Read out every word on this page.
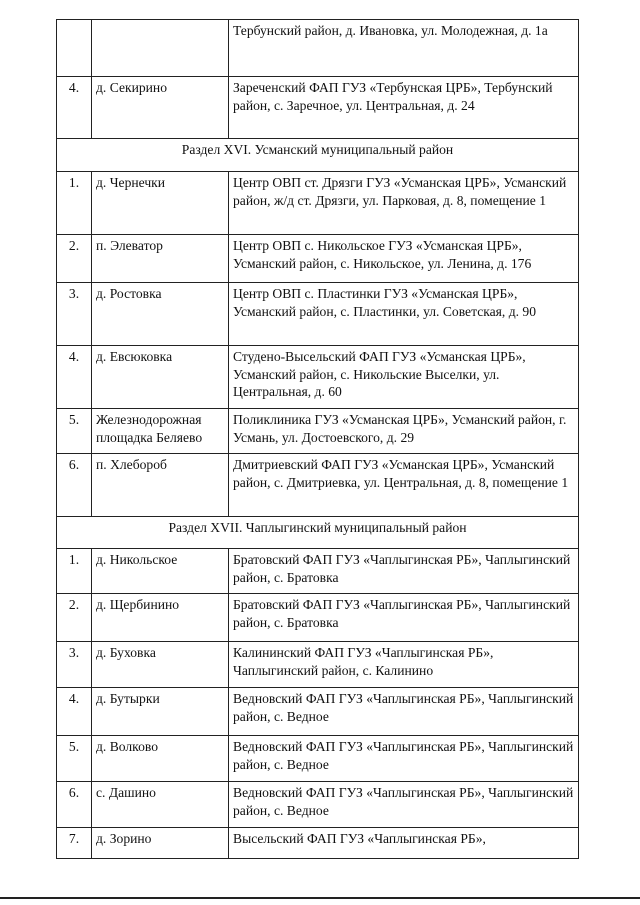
		Тербунский район, д. Ивановка, ул. Молодежная, д. 1а
4.	д. Секирино	Зареченский ФАП ГУЗ «Тербунская ЦРБ», Тербунский район, с. Заречное, ул. Центральная, д. 24
Раздел XVI. Усманский муниципальный район		
1.	д. Чернечки	Центр ОВП ст. Дрязги ГУЗ «Усманская ЦРБ», Усманский район, ж/д ст. Дрязги, ул. Парковая, д. 8, помещение 1
2.	п. Элеватор	Центр ОВП с. Никольское ГУЗ «Усманская ЦРБ», Усманский район, с. Никольское, ул. Ленина, д. 176
3.	д. Ростовка	Центр ОВП с. Пластинки ГУЗ «Усманская ЦРБ», Усманский район, с. Пластинки, ул. Советская, д. 90
4.	д. Евсюковка	Студено-Высельский ФАП ГУЗ «Усманская ЦРБ», Усманский район, с. Никольские Выселки, ул. Центральная, д. 60
5.	Железнодорожная площадка Беляево	Поликлиника ГУЗ «Усманская ЦРБ», Усманский район, г. Усмань, ул. Достоевского, д. 29
6.	п. Хлебороб	Дмитриевский ФАП ГУЗ «Усманская ЦРБ», Усманский район, с. Дмитриевка, ул. Центральная, д. 8, помещение 1
Раздел XVII. Чаплыгинский муниципальный район		
1.	д. Никольское	Братовский ФАП ГУЗ «Чаплыгинская РБ», Чаплыгинский район, с. Братовка
2.	д. Щербинино	Братовский ФАП ГУЗ «Чаплыгинская РБ», Чаплыгинский район, с. Братовка
3.	д. Буховка	Калининский ФАП ГУЗ «Чаплыгинская РБ», Чаплыгинский район, с. Калинино
4.	д. Бутырки	Ведновский ФАП ГУЗ «Чаплыгинская РБ», Чаплыгинский район, с. Ведное
5.	д. Волково	Ведновский ФАП ГУЗ «Чаплыгинская РБ», Чаплыгинский район, с. Ведное
6.	с. Дашино	Ведновский ФАП ГУЗ «Чаплыгинская РБ», Чаплыгинский район, с. Ведное
7.	д. Зорино	Высельский ФАП ГУЗ «Чаплыгинская РБ»,
